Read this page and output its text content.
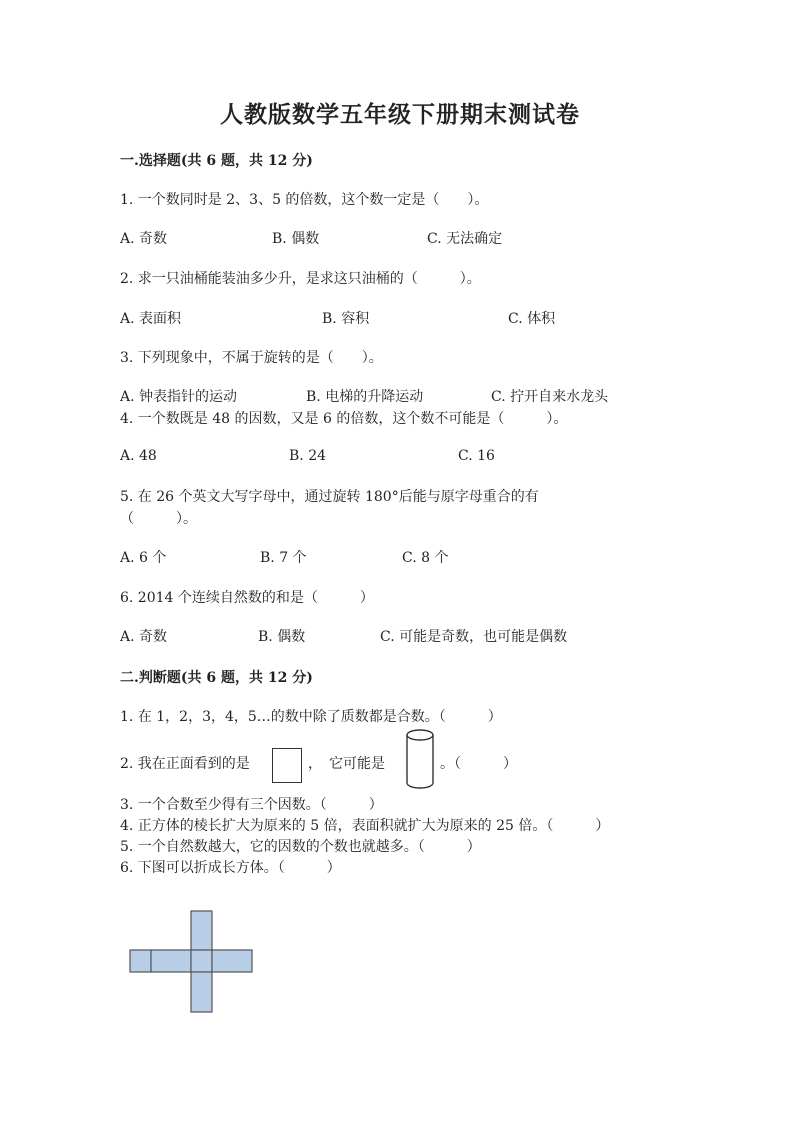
人教版数学五年级下册期末测试卷
一.选择题(共 6 题，共 12 分)
1. 一个数同时是 2、3、5 的倍数，这个数一定是（　　）。
A. 奇数	B. 偶数	C. 无法确定
2. 求一只油桶能装油多少升，是求这只油桶的（　　　）。
A. 表面积	B. 容积	C. 体积
3. 下列现象中，不属于旋转的是（　　）。
A. 钟表指针的运动	B. 电梯的升降运动	C. 拧开自来水龙头
4. 一个数既是 48 的因数，又是 6 的倍数，这个数不可能是（　　　）。
A. 48	B. 24	C. 16
5. 在 26 个英文大写字母中，通过旋转 180°后能与原字母重合的有
（　　　）。
A. 6 个	B. 7 个	C. 8 个
6. 2014 个连续自然数的和是（　　　）
A. 奇数	B. 偶数	C. 可能是奇数，也可能是偶数
二.判断题(共 6 题，共 12 分)
1. 在 1，2，3，4，5…的数中除了质数都是合数。（　　　）
2. 我在正面看到的是	，　它可能是	。（　　　）
3. 一个合数至少得有三个因数。（　　　）
4. 正方体的棱长扩大为原来的 5 倍，表面积就扩大为原来的 25 倍。（　　　）
5. 一个自然数越大，它的因数的个数也就越多。（　　　）
6. 下图可以折成长方体。（　　　）
